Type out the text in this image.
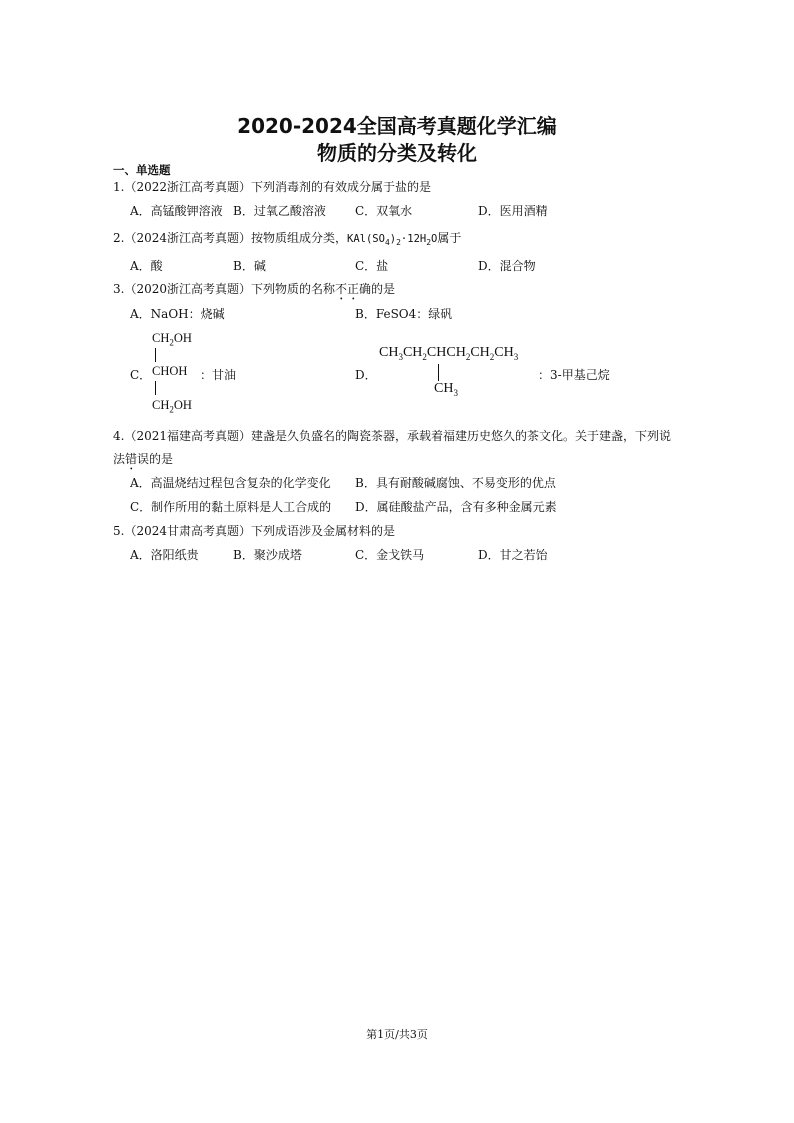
2020-2024全国高考真题化学汇编
物质的分类及转化
一、单选题
1.（2022浙江高考真题）下列消毒剂的有效成分属于盐的是
A．高锰酸钾溶液 B．过氧乙酸溶液 C．双氧水	D．医用酒精
2.（2024浙江高考真题）按物质组成分类，$KAl(SO_4)_2\cdot 12H_2O$属于
A．酸	B．碱	C．盐	D．混合物
3.（2020浙江高考真题）下列物质的名称不正确的是
A．NaOH：烧碱	B．FeSO4：绿矾
C．
$CH_2OH$
CHOH
$CH_2OH$
：甘油	D．
$CH_3CH_2CHCH_2CH_2CH_3$
$CH_3$
：3-甲基己烷
4.（2021福建高考真题）建盏是久负盛名的陶瓷茶器，承载着福建历史悠久的茶文化。关于建盏，下列说
法错误的是
A．高温烧结过程包含复杂的化学变化 B．具有耐酸碱腐蚀、不易变形的优点
C．制作所用的黏土原料是人工合成的 D．属硅酸盐产品，含有多种金属元素
5.（2024甘肃高考真题）下列成语涉及金属材料的是
A．洛阳纸贵	B．聚沙成塔	C．金戈铁马	D．甘之若饴
第1页/共3页
